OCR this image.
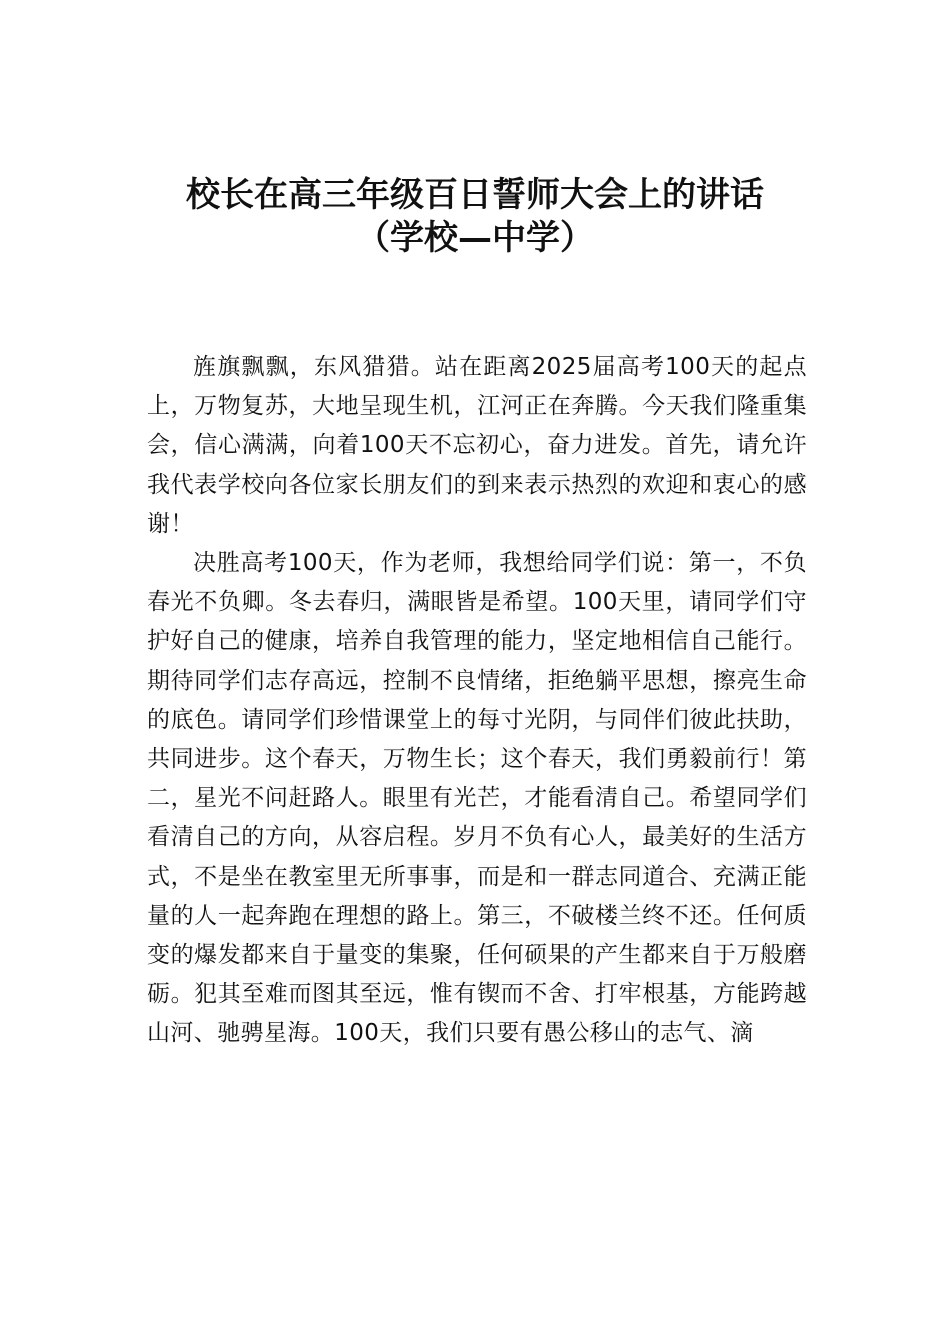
校长在高三年级百日誓师大会上的讲话
（学校—中学）

旌旗飘飘，东风猎猎。站在距离2025届高考100天的起点上，万物复苏，大地呈现生机，江河正在奔腾。今天我们隆重集会，信心满满，向着100天不忘初心，奋力进发。首先，请允许我代表学校向各位家长朋友们的到来表示热烈的欢迎和衷心的感谢！

决胜高考100天，作为老师，我想给同学们说：第一，不负春光不负卿。冬去春归，满眼皆是希望。100天里，请同学们守护好自己的健康，培养自我管理的能力，坚定地相信自己能行。期待同学们志存高远，控制不良情绪，拒绝躺平思想，擦亮生命的底色。请同学们珍惜课堂上的每寸光阴，与同伴们彼此扶助，共同进步。这个春天，万物生长；这个春天，我们勇毅前行！第二，星光不问赶路人。眼里有光芒，才能看清自己。希望同学们看清自己的方向，从容启程。岁月不负有心人，最美好的生活方式，不是坐在教室里无所事事，而是和一群志同道合、充满正能量的人一起奔跑在理想的路上。第三，不破楼兰终不还。任何质变的爆发都来自于量变的集聚，任何硕果的产生都来自于万般磨砺。犯其至难而图其至远，惟有锲而不舍、打牢根基，方能跨越山河、驰骋星海。100天，我们只要有愚公移山的志气、滴
